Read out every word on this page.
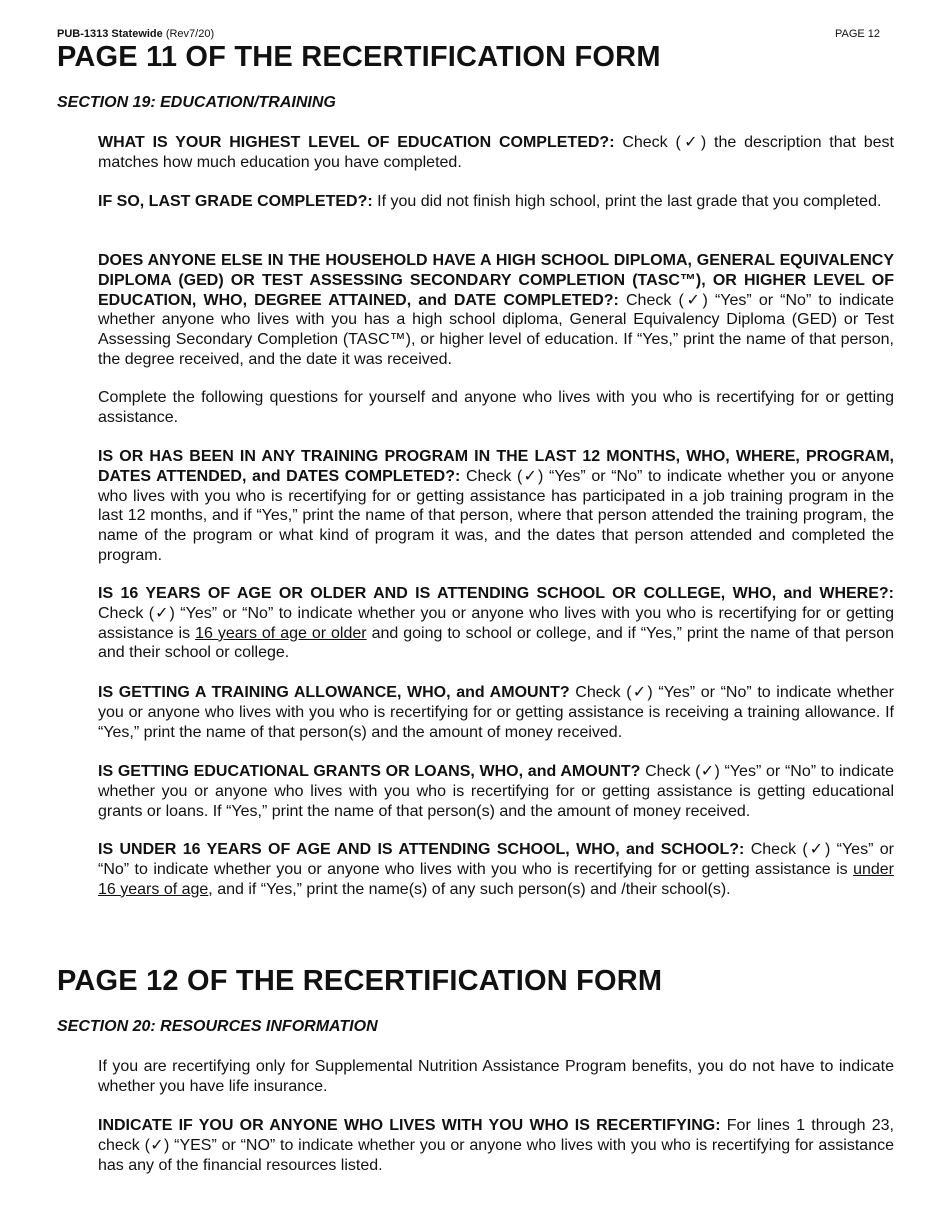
PUB-1313 Statewide (Rev7/20)	PAGE 12
PAGE 11 OF THE RECERTIFICATION FORM
SECTION 19: EDUCATION/TRAINING

WHAT IS YOUR HIGHEST LEVEL OF EDUCATION COMPLETED?: Check (✓) the description that best matches how much education you have completed.

IF SO, LAST GRADE COMPLETED?: If you did not finish high school, print the last grade that you completed.

DOES ANYONE ELSE IN THE HOUSEHOLD HAVE A HIGH SCHOOL DIPLOMA, GENERAL EQUIVALENCY DIPLOMA (GED) OR TEST ASSESSING SECONDARY COMPLETION (TASC™), OR HIGHER LEVEL OF EDUCATION, WHO, DEGREE ATTAINED, and DATE COMPLETED?: Check (✓) “Yes” or “No” to indicate whether anyone who lives with you has a high school diploma, General Equivalency Diploma (GED) or Test Assessing Secondary Completion (TASC™), or higher level of education. If “Yes,” print the name of that person, the degree received, and the date it was received.

Complete the following questions for yourself and anyone who lives with you who is recertifying for or getting assistance.

IS OR HAS BEEN IN ANY TRAINING PROGRAM IN THE LAST 12 MONTHS, WHO, WHERE, PROGRAM, DATES ATTENDED, and DATES COMPLETED?: Check (✓) “Yes” or “No” to indicate whether you or anyone who lives with you who is recertifying for or getting assistance has participated in a job training program in the last 12 months, and if “Yes,” print the name of that person, where that person attended the training program, the name of the program or what kind of program it was, and the dates that person attended and completed the program.

IS 16 YEARS OF AGE OR OLDER AND IS ATTENDING SCHOOL OR COLLEGE, WHO, and WHERE?: Check (✓) “Yes” or “No” to indicate whether you or anyone who lives with you who is recertifying for or getting assistance is 16 years of age or older and going to school or college, and if “Yes,” print the name of that person and their school or college.

IS GETTING A TRAINING ALLOWANCE, WHO, and AMOUNT? Check (✓) “Yes” or “No” to indicate whether you or anyone who lives with you who is recertifying for or getting assistance is receiving a training allowance. If “Yes,” print the name of that person(s) and the amount of money received.

IS GETTING EDUCATIONAL GRANTS OR LOANS, WHO, and AMOUNT? Check (✓) “Yes” or “No” to indicate whether you or anyone who lives with you who is recertifying for or getting assistance is getting educational grants or loans. If “Yes,” print the name of that person(s) and the amount of money received.

IS UNDER 16 YEARS OF AGE AND IS ATTENDING SCHOOL, WHO, and SCHOOL?: Check (✓) “Yes” or “No” to indicate whether you or anyone who lives with you who is recertifying for or getting assistance is under 16 years of age, and if “Yes,” print the name(s) of any such person(s) and /their school(s).

PAGE 12 OF THE RECERTIFICATION FORM
SECTION 20: RESOURCES INFORMATION

If you are recertifying only for Supplemental Nutrition Assistance Program benefits, you do not have to indicate whether you have life insurance.

INDICATE IF YOU OR ANYONE WHO LIVES WITH YOU WHO IS RECERTIFYING: For lines 1 through 23, check (✓) “YES” or “NO” to indicate whether you or anyone who lives with you who is recertifying for assistance has any of the financial resources listed.
